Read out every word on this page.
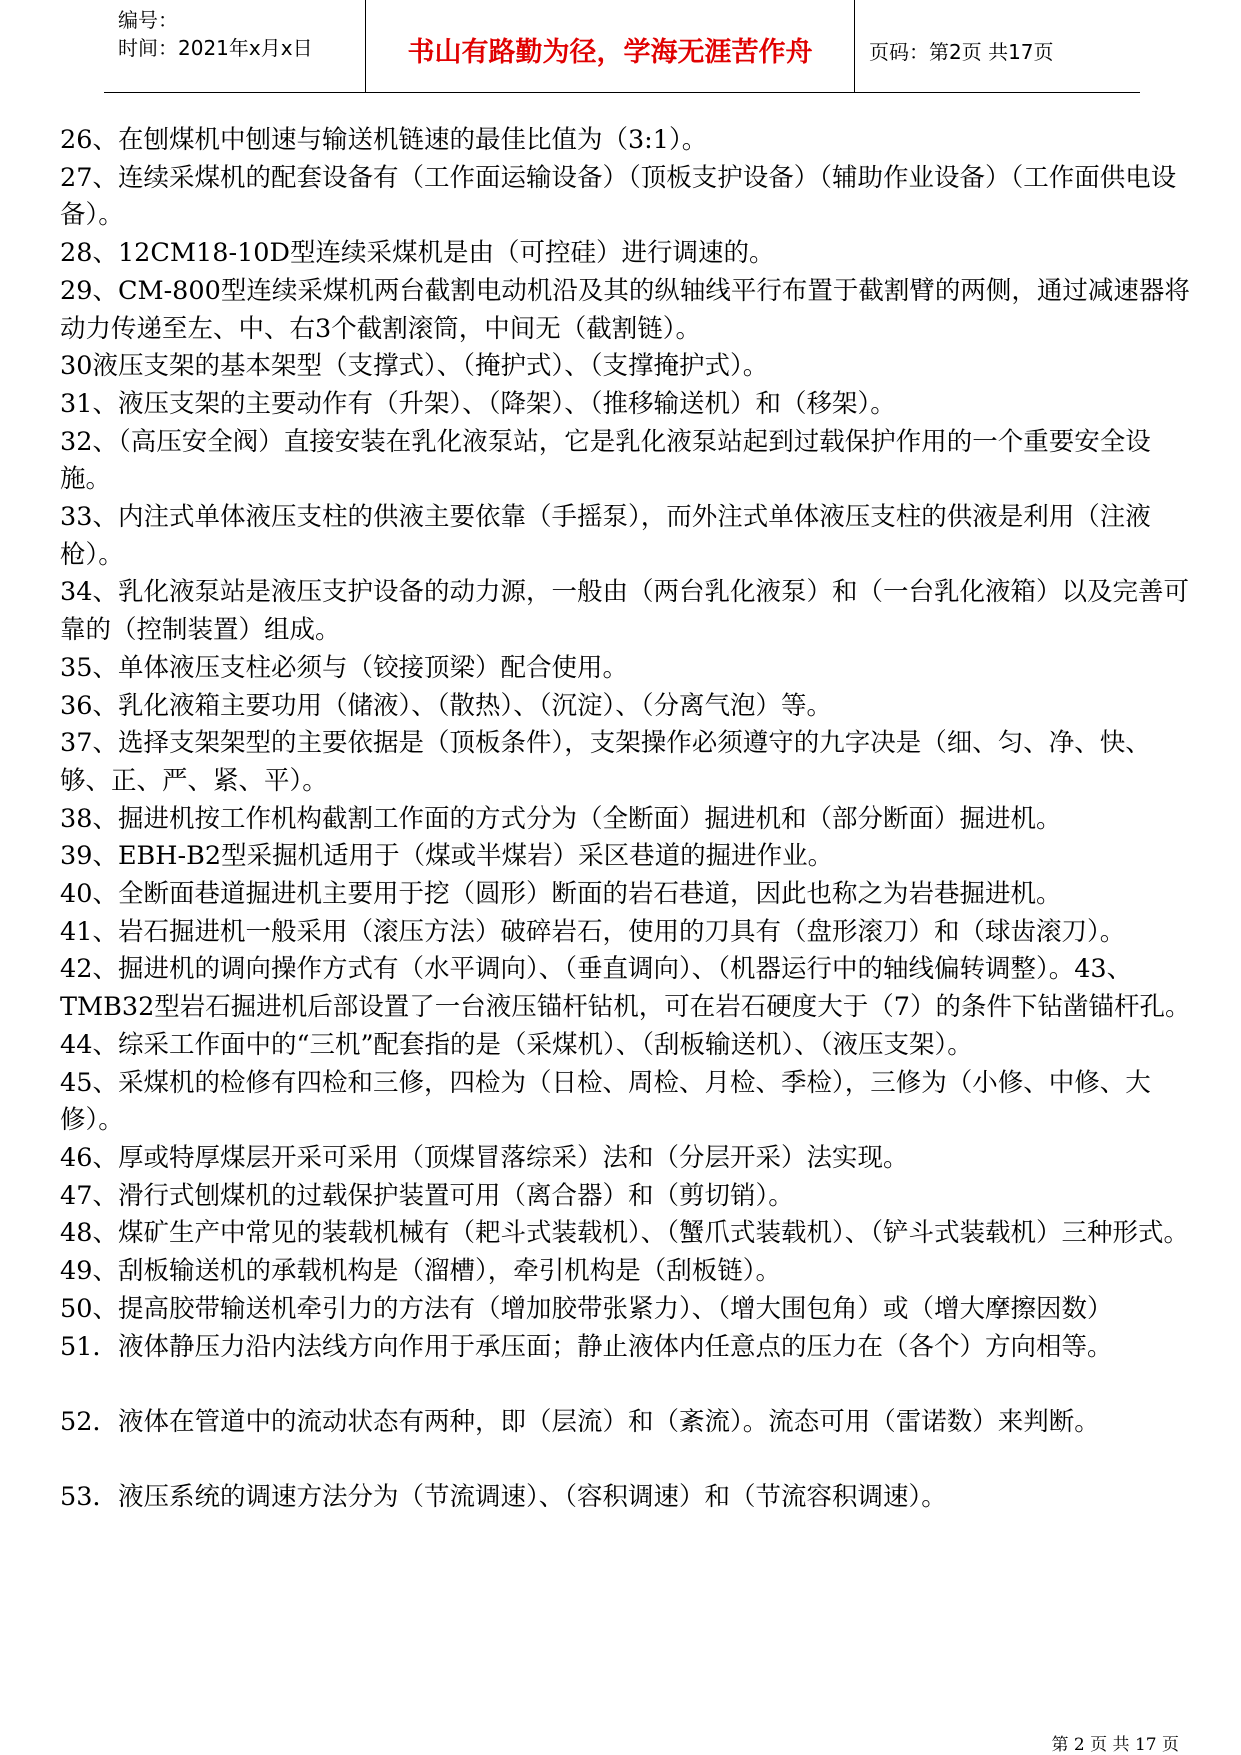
编号：
时间：2021年x月x日	书山有路勤为径，学海无涯苦作舟	页码：第2页 共17页

26、在刨煤机中刨速与输送机链速的最佳比值为（3:1）。

27、连续采煤机的配套设备有（工作面运输设备）（顶板支护设备）（辅助作业设备）（工作面供电设备）。

28、12CM18-10D型连续采煤机是由（可控硅）进行调速的。

29、CM-800型连续采煤机两台截割电动机沿及其的纵轴线平行布置于截割臂的两侧，通过减速器将动力传递至左、中、右3个截割滚筒，中间无（截割链）。

30液压支架的基本架型（支撑式）、（掩护式）、（支撑掩护式）。

31、液压支架的主要动作有（升架）、（降架）、（推移输送机）和（移架）。

32、（高压安全阀）直接安装在乳化液泵站，它是乳化液泵站起到过载保护作用的一个重要安全设施。

33、内注式单体液压支柱的供液主要依靠（手摇泵），而外注式单体液压支柱的供液是利用（注液枪）。

34、乳化液泵站是液压支护设备的动力源，一般由（两台乳化液泵）和（一台乳化液箱）以及完善可靠的（控制装置）组成。

35、单体液压支柱必须与（铰接顶梁）配合使用。

36、乳化液箱主要功用（储液）、（散热）、（沉淀）、（分离气泡）等。

37、选择支架架型的主要依据是（顶板条件），支架操作必须遵守的九字决是（细、匀、净、快、够、正、严、紧、平）。

38、掘进机按工作机构截割工作面的方式分为（全断面）掘进机和（部分断面）掘进机。

39、EBH-B2型采掘机适用于（煤或半煤岩）采区巷道的掘进作业。

40、全断面巷道掘进机主要用于挖（圆形）断面的岩石巷道，因此也称之为岩巷掘进机。

41、岩石掘进机一般采用（滚压方法）破碎岩石，使用的刀具有（盘形滚刀）和（球齿滚刀）。

42、掘进机的调向操作方式有（水平调向）、（垂直调向）、（机器运行中的轴线偏转调整）。43、TMB32型岩石掘进机后部设置了一台液压锚杆钻机，可在岩石硬度大于（7）的条件下钻凿锚杆孔。

44、综采工作面中的“三机”配套指的是（采煤机）、（刮板输送机）、（液压支架）。

45、采煤机的检修有四检和三修，四检为（日检、周检、月检、季检），三修为（小修、中修、大修）。

46、厚或特厚煤层开采可采用（顶煤冒落综采）法和（分层开采）法实现。

47、滑行式刨煤机的过载保护装置可用（离合器）和（剪切销）。

48、煤矿生产中常见的装载机械有（耙斗式装载机）、（蟹爪式装载机）、（铲斗式装载机）三种形式。

49、刮板输送机的承载机构是（溜槽），牵引机构是（刮板链）。

50、提高胶带输送机牵引力的方法有（增加胶带张紧力）、（增大围包角）或（增大摩擦因数）

51．液体静压力沿内法线方向作用于承压面；静止液体内任意点的压力在（各个）方向相等。

52．液体在管道中的流动状态有两种，即（层流）和（紊流）。流态可用（雷诺数）来判断。

53．液压系统的调速方法分为（节流调速）、（容积调速）和（节流容积调速）。

第 2 页 共 17 页
